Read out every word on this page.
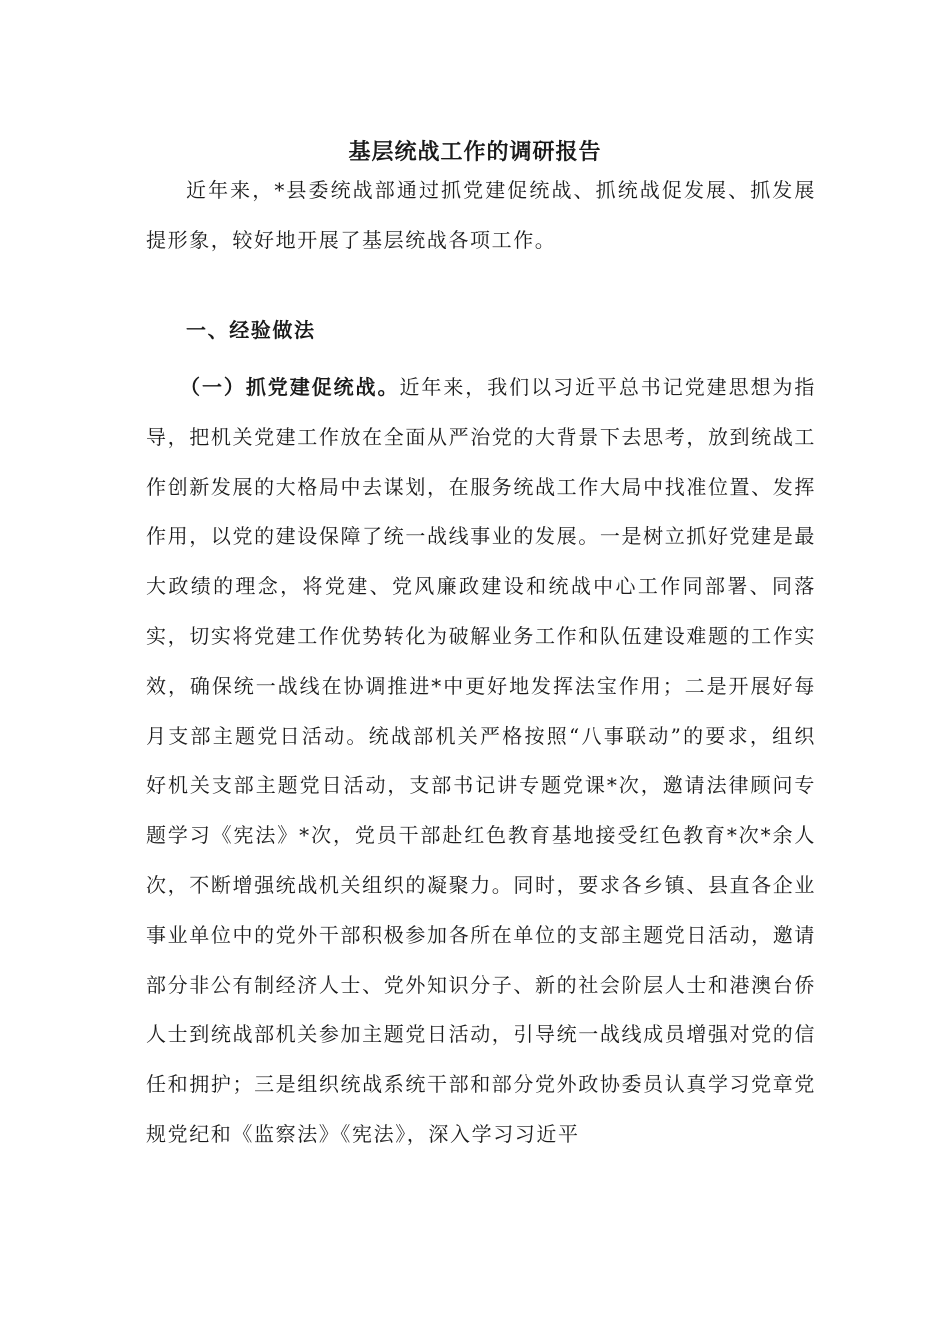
基层统战工作的调研报告

近年来，*县委统战部通过抓党建促统战、抓统战促发展、抓发展提形象，较好地开展了基层统战各项工作。

一、经验做法

（一）抓党建促统战。近年来，我们以习近平总书记党建思想为指导，把机关党建工作放在全面从严治党的大背景下去思考，放到统战工作创新发展的大格局中去谋划，在服务统战工作大局中找准位置、发挥作用，以党的建设保障了统一战线事业的发展。一是树立抓好党建是最大政绩的理念，将党建、党风廉政建设和统战中心工作同部署、同落实，切实将党建工作优势转化为破解业务工作和队伍建设难题的工作实效，确保统一战线在协调推进*中更好地发挥法宝作用；二是开展好每月支部主题党日活动。统战部机关严格按照“八事联动”的要求，组织好机关支部主题党日活动，支部书记讲专题党课*次，邀请法律顾问专题学习《宪法》*次，党员干部赴红色教育基地接受红色教育*次*余人次，不断增强统战机关组织的凝聚力。同时，要求各乡镇、县直各企业事业单位中的党外干部积极参加各所在单位的支部主题党日活动，邀请部分非公有制经济人士、党外知识分子、新的社会阶层人士和港澳台侨人士到统战部机关参加主题党日活动，引导统一战线成员增强对党的信任和拥护；三是组织统战系统干部和部分党外政协委员认真学习党章党规党纪和《监察法》《宪法》，深入学习习近平
